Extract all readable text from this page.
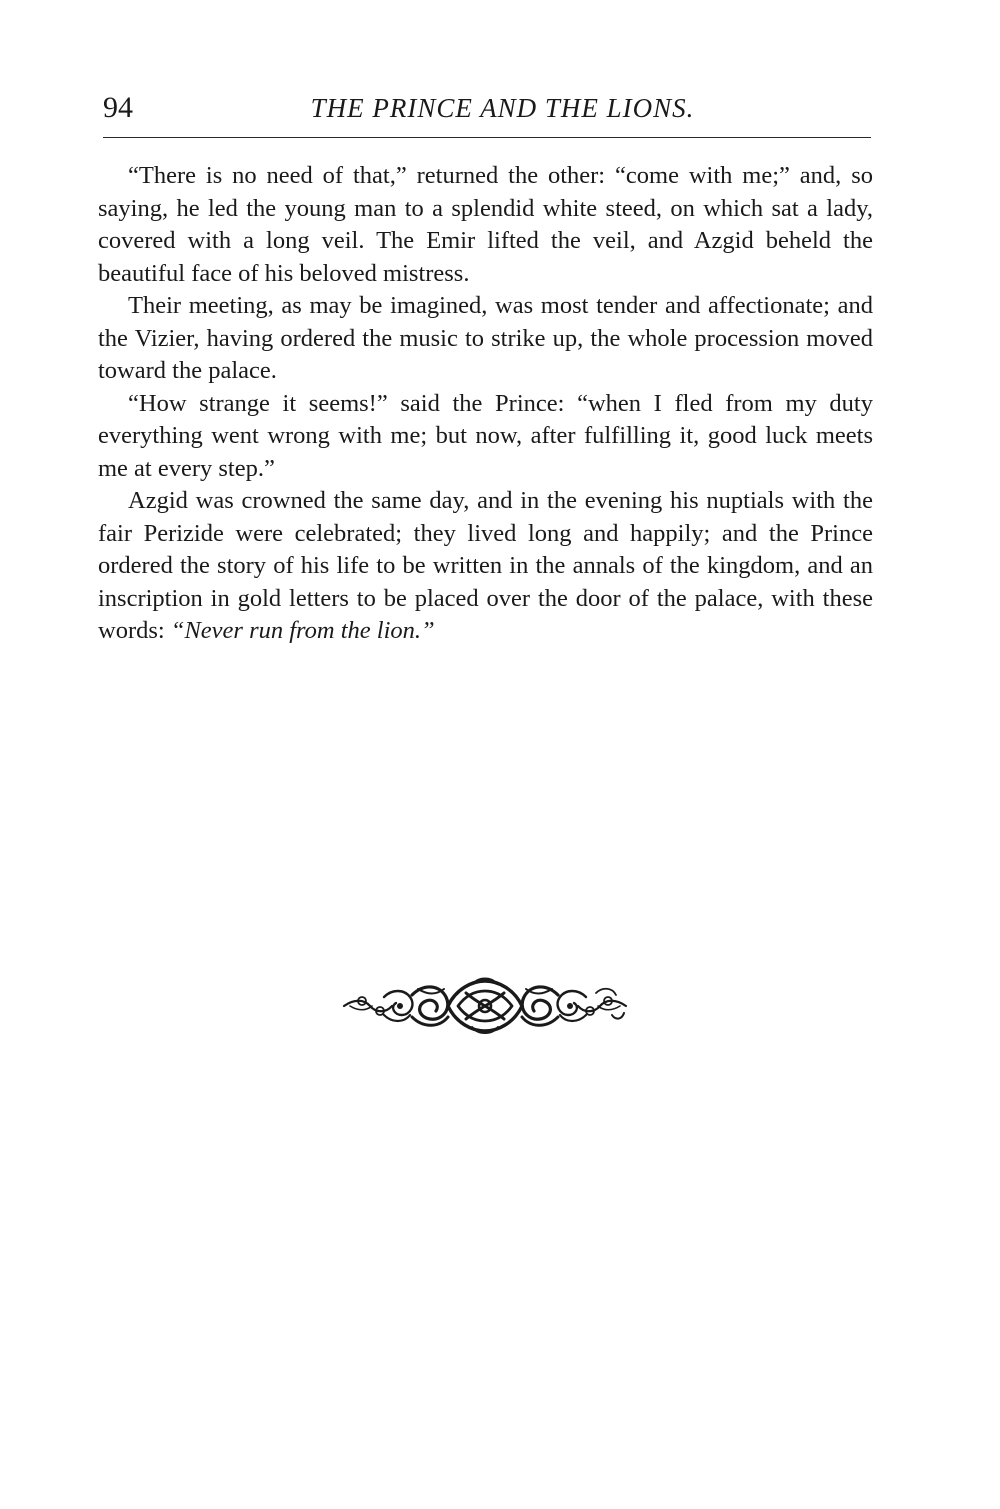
94	THE PRINCE AND THE LIONS.

“There is no need of that,” returned the other: “come with me;” and, so saying, he led the young man to a splendid white steed, on which sat a lady, covered with a long veil. The Emir lifted the veil, and Azgid beheld the beautiful face of his beloved mistress.

Their meeting, as may be imagined, was most tender and affectionate; and the Vizier, having ordered the music to strike up, the whole procession moved toward the palace.

“How strange it seems!” said the Prince: “when I fled from my duty everything went wrong with me; but now, after fulfilling it, good luck meets me at every step.”

Azgid was crowned the same day, and in the evening his nuptials with the fair Perizide were celebrated; they lived long and happily; and the Prince ordered the story of his life to be written in the annals of the kingdom, and an inscription in gold letters to be placed over the door of the palace, with these words: “Never run from the lion.”
